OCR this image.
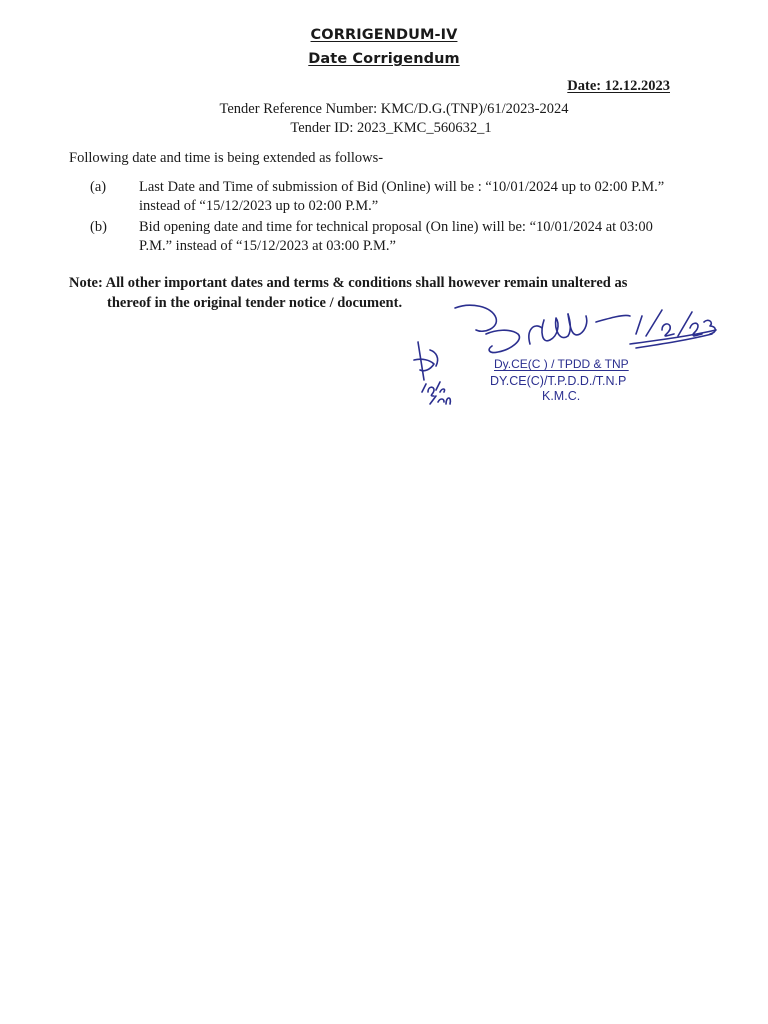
CORRIGENDUM-IV
Date Corrigendum
Date: 12.12.2023
Tender Reference Number: KMC/D.G.(TNP)/61/2023-2024
Tender ID: 2023_KMC_560632_1
Following date and time is being extended as follows-
(a) Last Date and Time of submission of Bid (Online) will be : “10/01/2024 up to 02:00 P.M.” instead of “15/12/2023 up to 02:00 P.M.”
(b) Bid opening date and time for technical proposal (On line) will be: “10/01/2024 at 03:00 P.M.” instead of “15/12/2023 at 03:00 P.M.”
Note: All other important dates and terms & conditions shall however remain unaltered as
thereof in the original tender notice / document.
Dy.CE(C ) / TPDD & TNP
DY.CE(C)/T.P.D.D./T.N.P
K.M.C.
